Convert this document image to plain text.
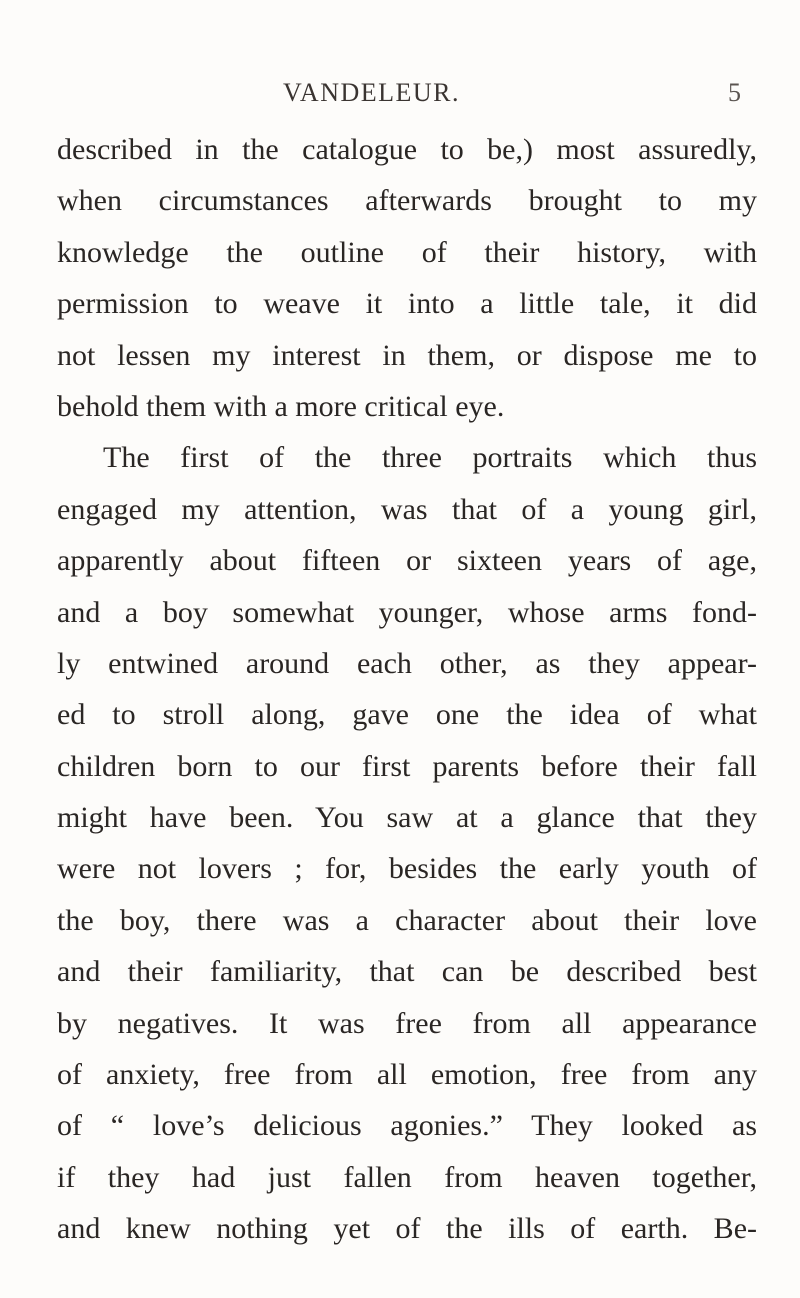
VANDELEUR.	5
described in the catalogue to be,) most assuredly,
when circumstances afterwards brought to my
knowledge the outline of their history, with
permission to weave it into a little tale, it did
not lessen my interest in them, or dispose me to
behold them with a more critical eye.
The first of the three portraits which thus
engaged my attention, was that of a young girl,
apparently about fifteen or sixteen years of age,
and a boy somewhat younger, whose arms fond-
ly entwined around each other, as they appear-
ed to stroll along, gave one the idea of what
children born to our first parents before their fall
might have been. You saw at a glance that they
were not lovers ; for, besides the early youth of
the boy, there was a character about their love
and their familiarity, that can be described best
by negatives. It was free from all appearance
of anxiety, free from all emotion, free from any
of “ love’s delicious agonies.” They looked as
if they had just fallen from heaven together,
and knew nothing yet of the ills of earth. Be-
